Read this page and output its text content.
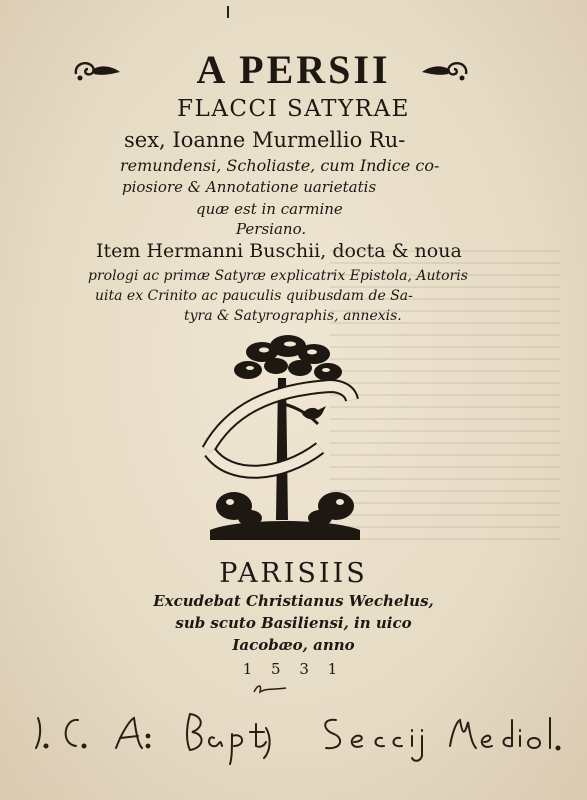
A PERSII
FLACCI SATYRAE
sex, Ioanne Murmellio Ru-
remundensi, Scholiaste, cum Indice co-
piosiore & Annotatione uarietatis
quæ est in carmine
Persiano.
Item Hermanni Buschii, docta & noua
prologi ac primæ Satyræ explicatrix Epistola, Autoris
uita ex Crinito ac pauculis quibusdam de Sa-
tyra & Satyrographis, annexis.
PARISIIS
Excudebat Christianus Wechelus,
sub scuto Basiliensi, in uico
Iacobæo, anno
1 5 3 1
